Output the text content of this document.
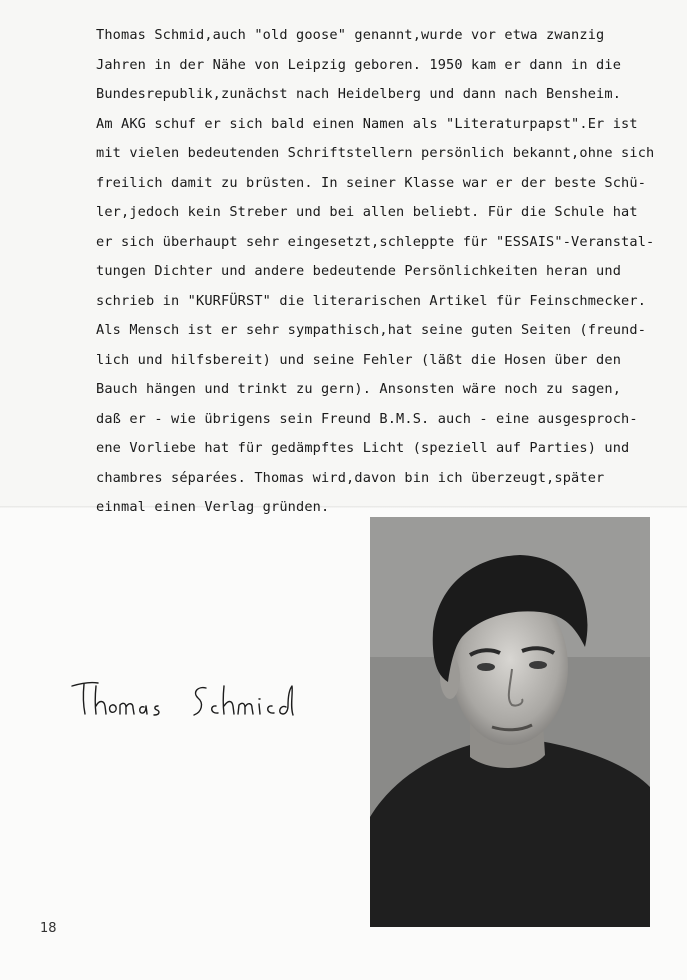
Thomas Schmid,auch "old goose" genannt,wurde vor etwa zwanzig
Jahren in der Nähe von Leipzig geboren. 1950 kam er dann in die
Bundesrepublik,zunächst nach Heidelberg und dann nach Bensheim.
Am AKG schuf er sich bald einen Namen als "Literaturpapst".Er ist
mit vielen bedeutenden Schriftstellern persönlich bekannt,ohne sich
freilich damit zu brüsten. In seiner Klasse war er der beste Schü-
ler,jedoch kein Streber und bei allen beliebt. Für die Schule hat
er sich überhaupt sehr eingesetzt,schleppte für "ESSAIS"-Veranstal-
tungen Dichter und andere bedeutende Persönlichkeiten heran und
schrieb in "KURFÜRST" die literarischen Artikel für Feinschmecker.
Als Mensch ist er sehr sympathisch,hat seine guten Seiten (freund-
lich und hilfsbereit) und seine Fehler (läßt die Hosen über den
Bauch hängen und trinkt zu gern). Ansonsten wäre noch zu sagen,
daß er - wie übrigens sein Freund B.M.S. auch - eine ausgesproch-
ene Vorliebe hat für gedämpftes Licht (speziell auf Parties) und
chambres séparées. Thomas wird,davon bin ich überzeugt,später
einmal einen Verlag gründen.
18
